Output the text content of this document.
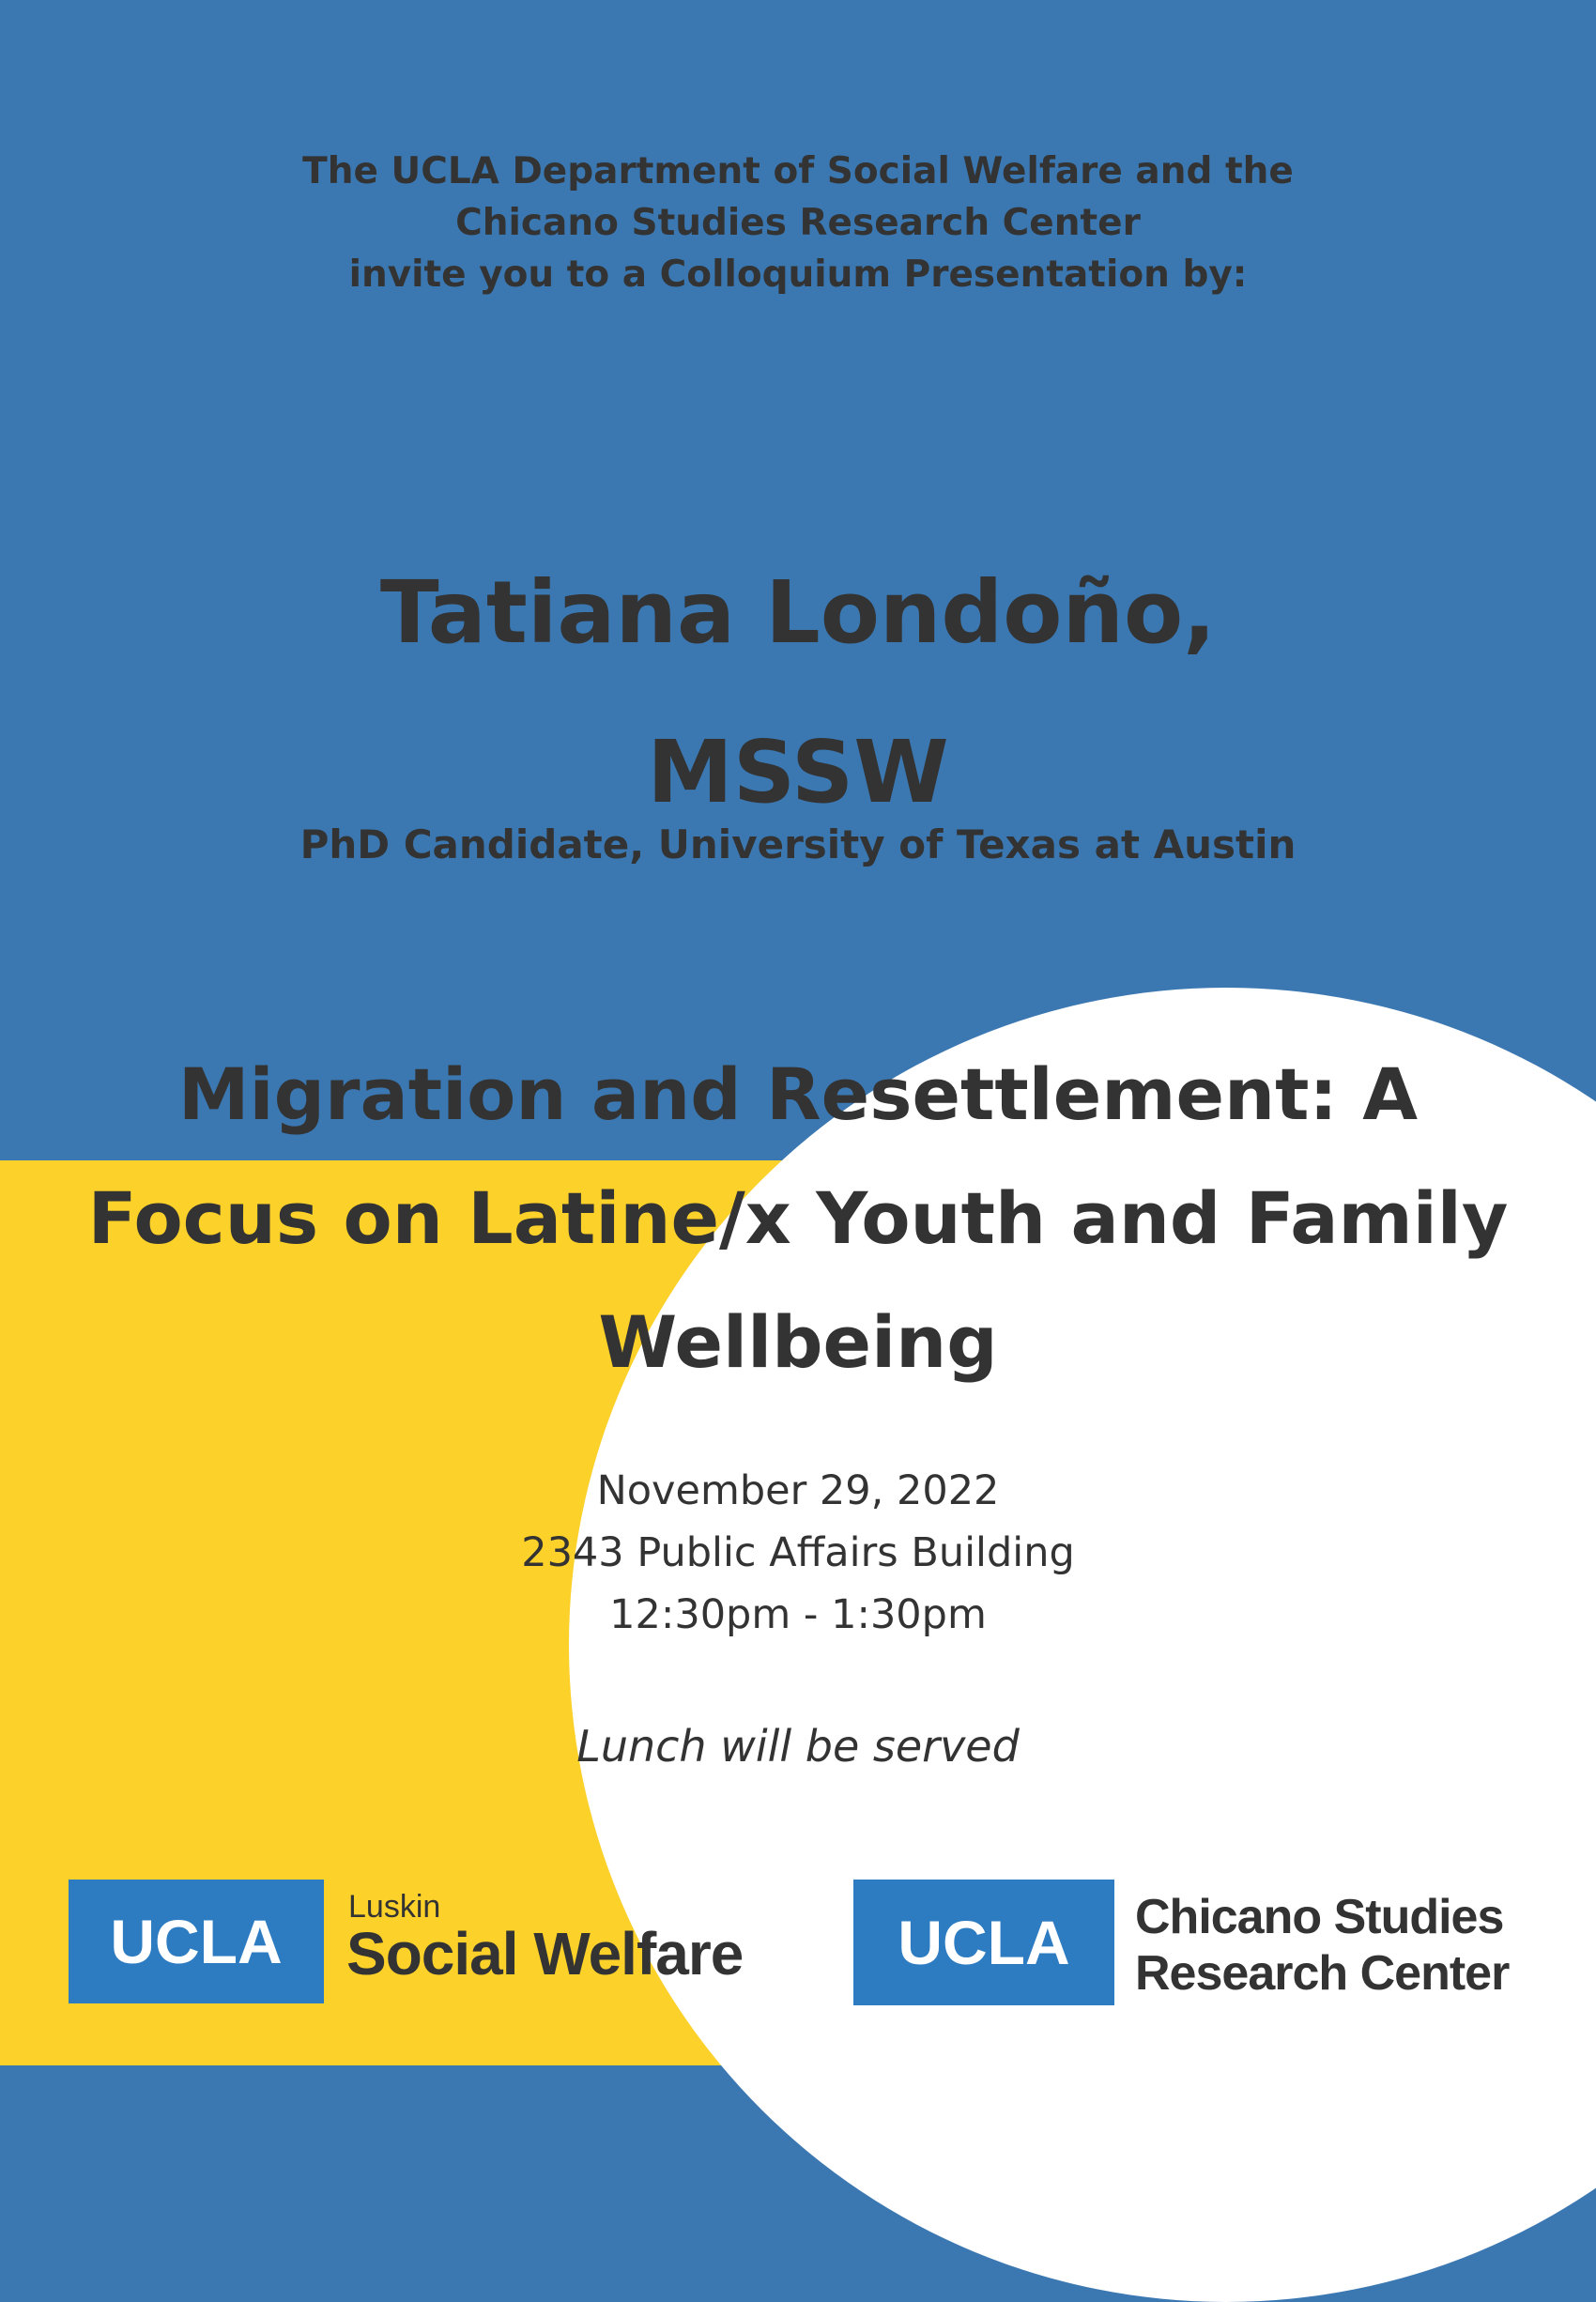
The UCLA Department of Social Welfare and the
Chicano Studies Research Center
invite you to a Colloquium Presentation by:
Tatiana Londoño,
MSSW
PhD Candidate, University of Texas at Austin
Migration and Resettlement: A
Focus on Latine/x Youth and Family
Wellbeing
November 29, 2022
2343 Public Affairs Building
12:30pm - 1:30pm
Lunch will be served
UCLA	Luskin
Social Welfare	UCLA	Chicano Studies
Research Center
